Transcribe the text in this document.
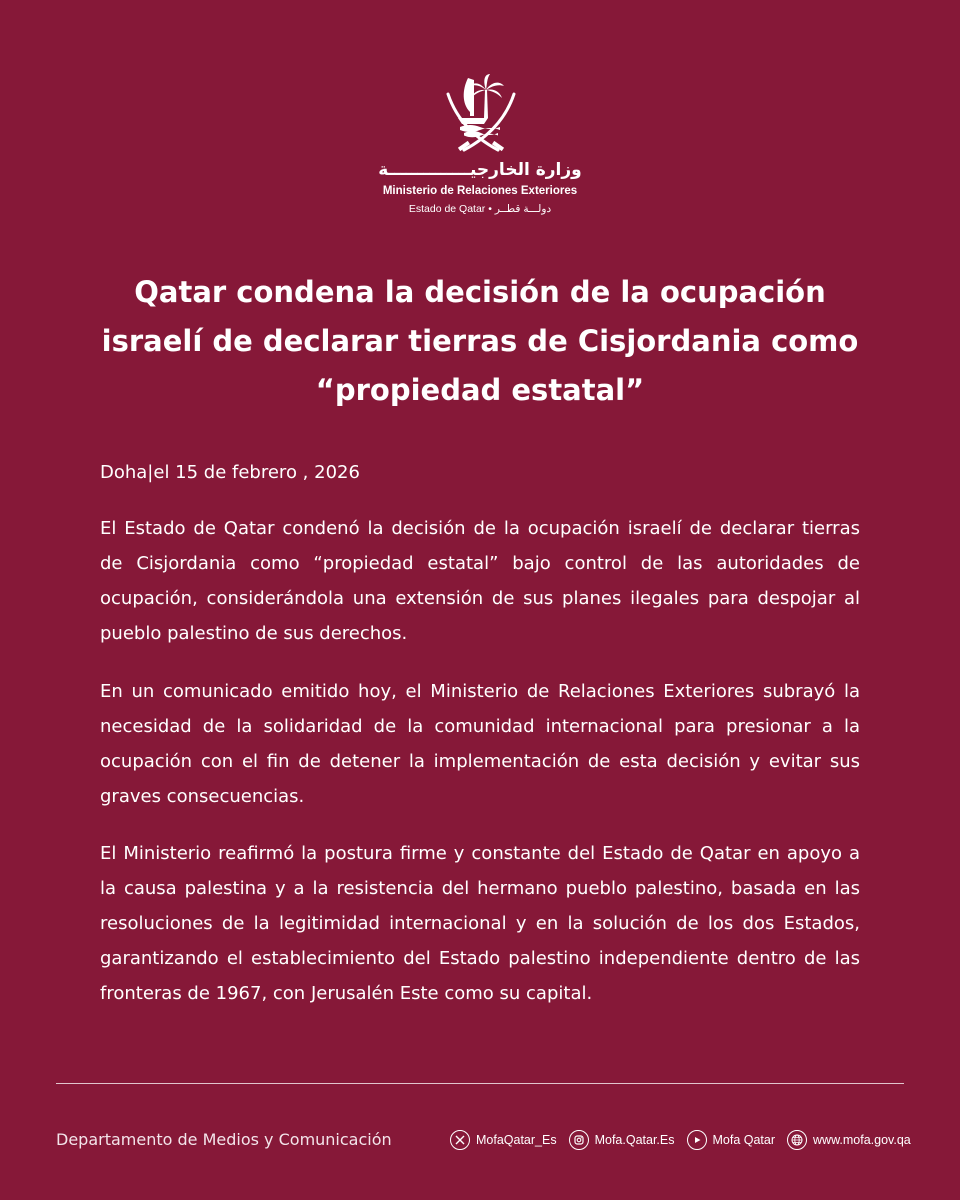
وزارة الخارجيــــــــــــــة
Ministerio de Relaciones Exteriores
Estado de Qatar • دولـــة قطــر
Qatar condena la decisión de la ocupación
israelí de declarar tierras de Cisjordania como
“propiedad estatal”
Doha|el 15 de febrero , 2026

El Estado de Qatar condenó la decisión de la ocupación israelí de declarar tierras de Cisjordania como “propiedad estatal” bajo control de las autoridades de ocupación, considerándola una extensión de sus planes ilegales para despojar al pueblo palestino de sus derechos.

En un comunicado emitido hoy, el Ministerio de Relaciones Exteriores subrayó la necesidad de la solidaridad de la comunidad internacional para presionar a la ocupación con el fin de detener la implementación de esta decisión y evitar sus graves consecuencias.

El Ministerio reafirmó la postura firme y constante del Estado de Qatar en apoyo a la causa palestina y a la resistencia del hermano pueblo palestino, basada en las resoluciones de la legitimidad internacional y en la solución de los dos Estados, garantizando el establecimiento del Estado palestino independiente dentro de las fronteras de 1967, con Jerusalén Este como su capital.

Departamento de Medios y Comunicación	MofaQatar_Es	Mofa.Qatar.Es	Mofa Qatar	www.mofa.gov.qa
